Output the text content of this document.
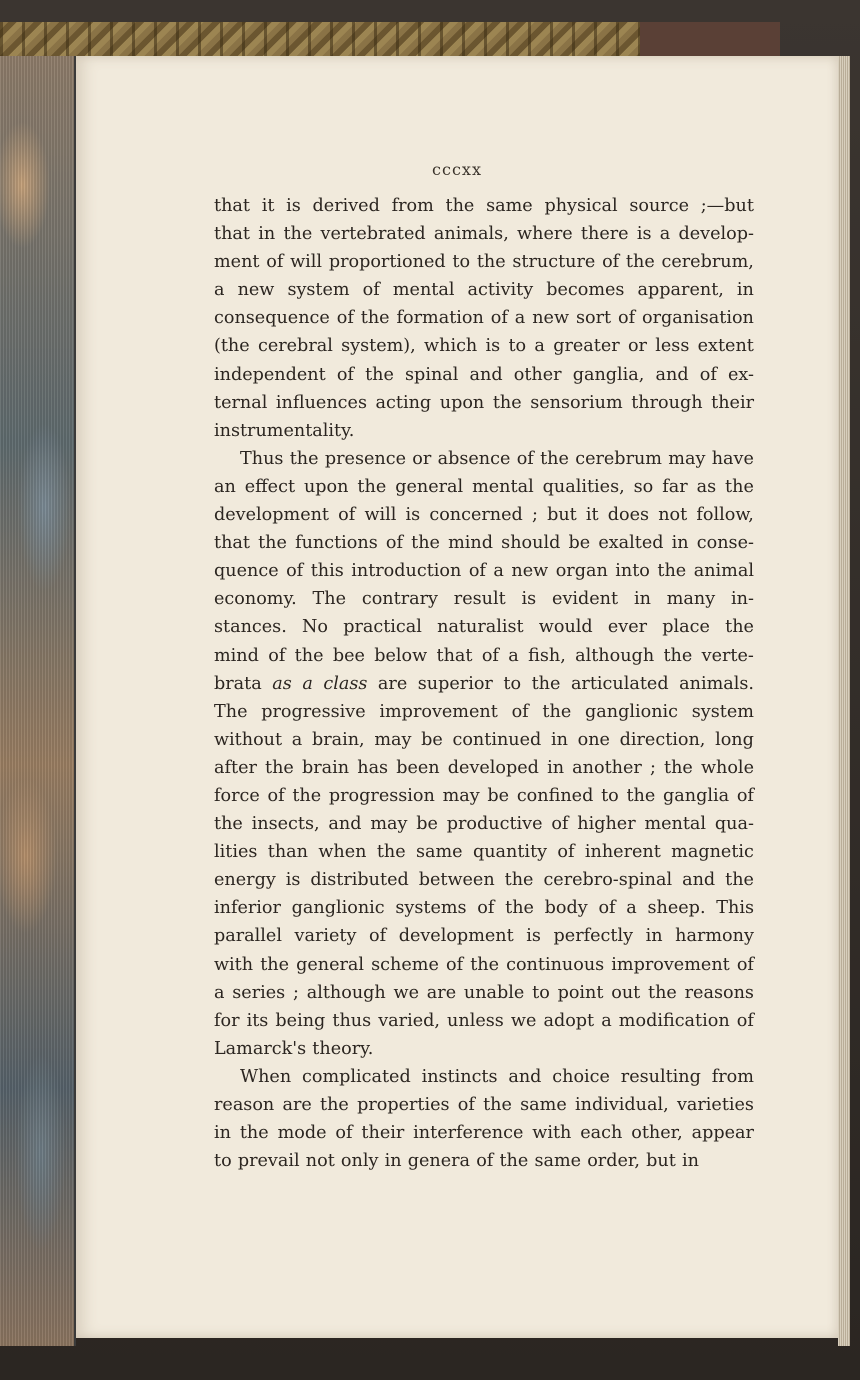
cccxx
that it is derived from the same physical source ;—but
that in the vertebrated animals, where there is a develop-
ment of will proportioned to the structure of the cerebrum,
a new system of mental activity becomes apparent, in
consequence of the formation of a new sort of organisation
(the cerebral system), which is to a greater or less extent
independent of the spinal and other ganglia, and of ex-
ternal influences acting upon the sensorium through their
instrumentality.
Thus the presence or absence of the cerebrum may have
an effect upon the general mental qualities, so far as the
development of will is concerned ; but it does not follow,
that the functions of the mind should be exalted in conse-
quence of this introduction of a new organ into the animal
economy. The contrary result is evident in many in-
stances. No practical naturalist would ever place the
mind of the bee below that of a fish, although the verte-
brata as a class are superior to the articulated animals.
The progressive improvement of the ganglionic system
without a brain, may be continued in one direction, long
after the brain has been developed in another ; the whole
force of the progression may be confined to the ganglia of
the insects, and may be productive of higher mental qua-
lities than when the same quantity of inherent magnetic
energy is distributed between the cerebro-spinal and the
inferior ganglionic systems of the body of a sheep. This
parallel variety of development is perfectly in harmony
with the general scheme of the continuous improvement of
a series ; although we are unable to point out the reasons
for its being thus varied, unless we adopt a modification of
Lamarck's theory.
When complicated instincts and choice resulting from
reason are the properties of the same individual, varieties
in the mode of their interference with each other, appear
to prevail not only in genera of the same order, but in
